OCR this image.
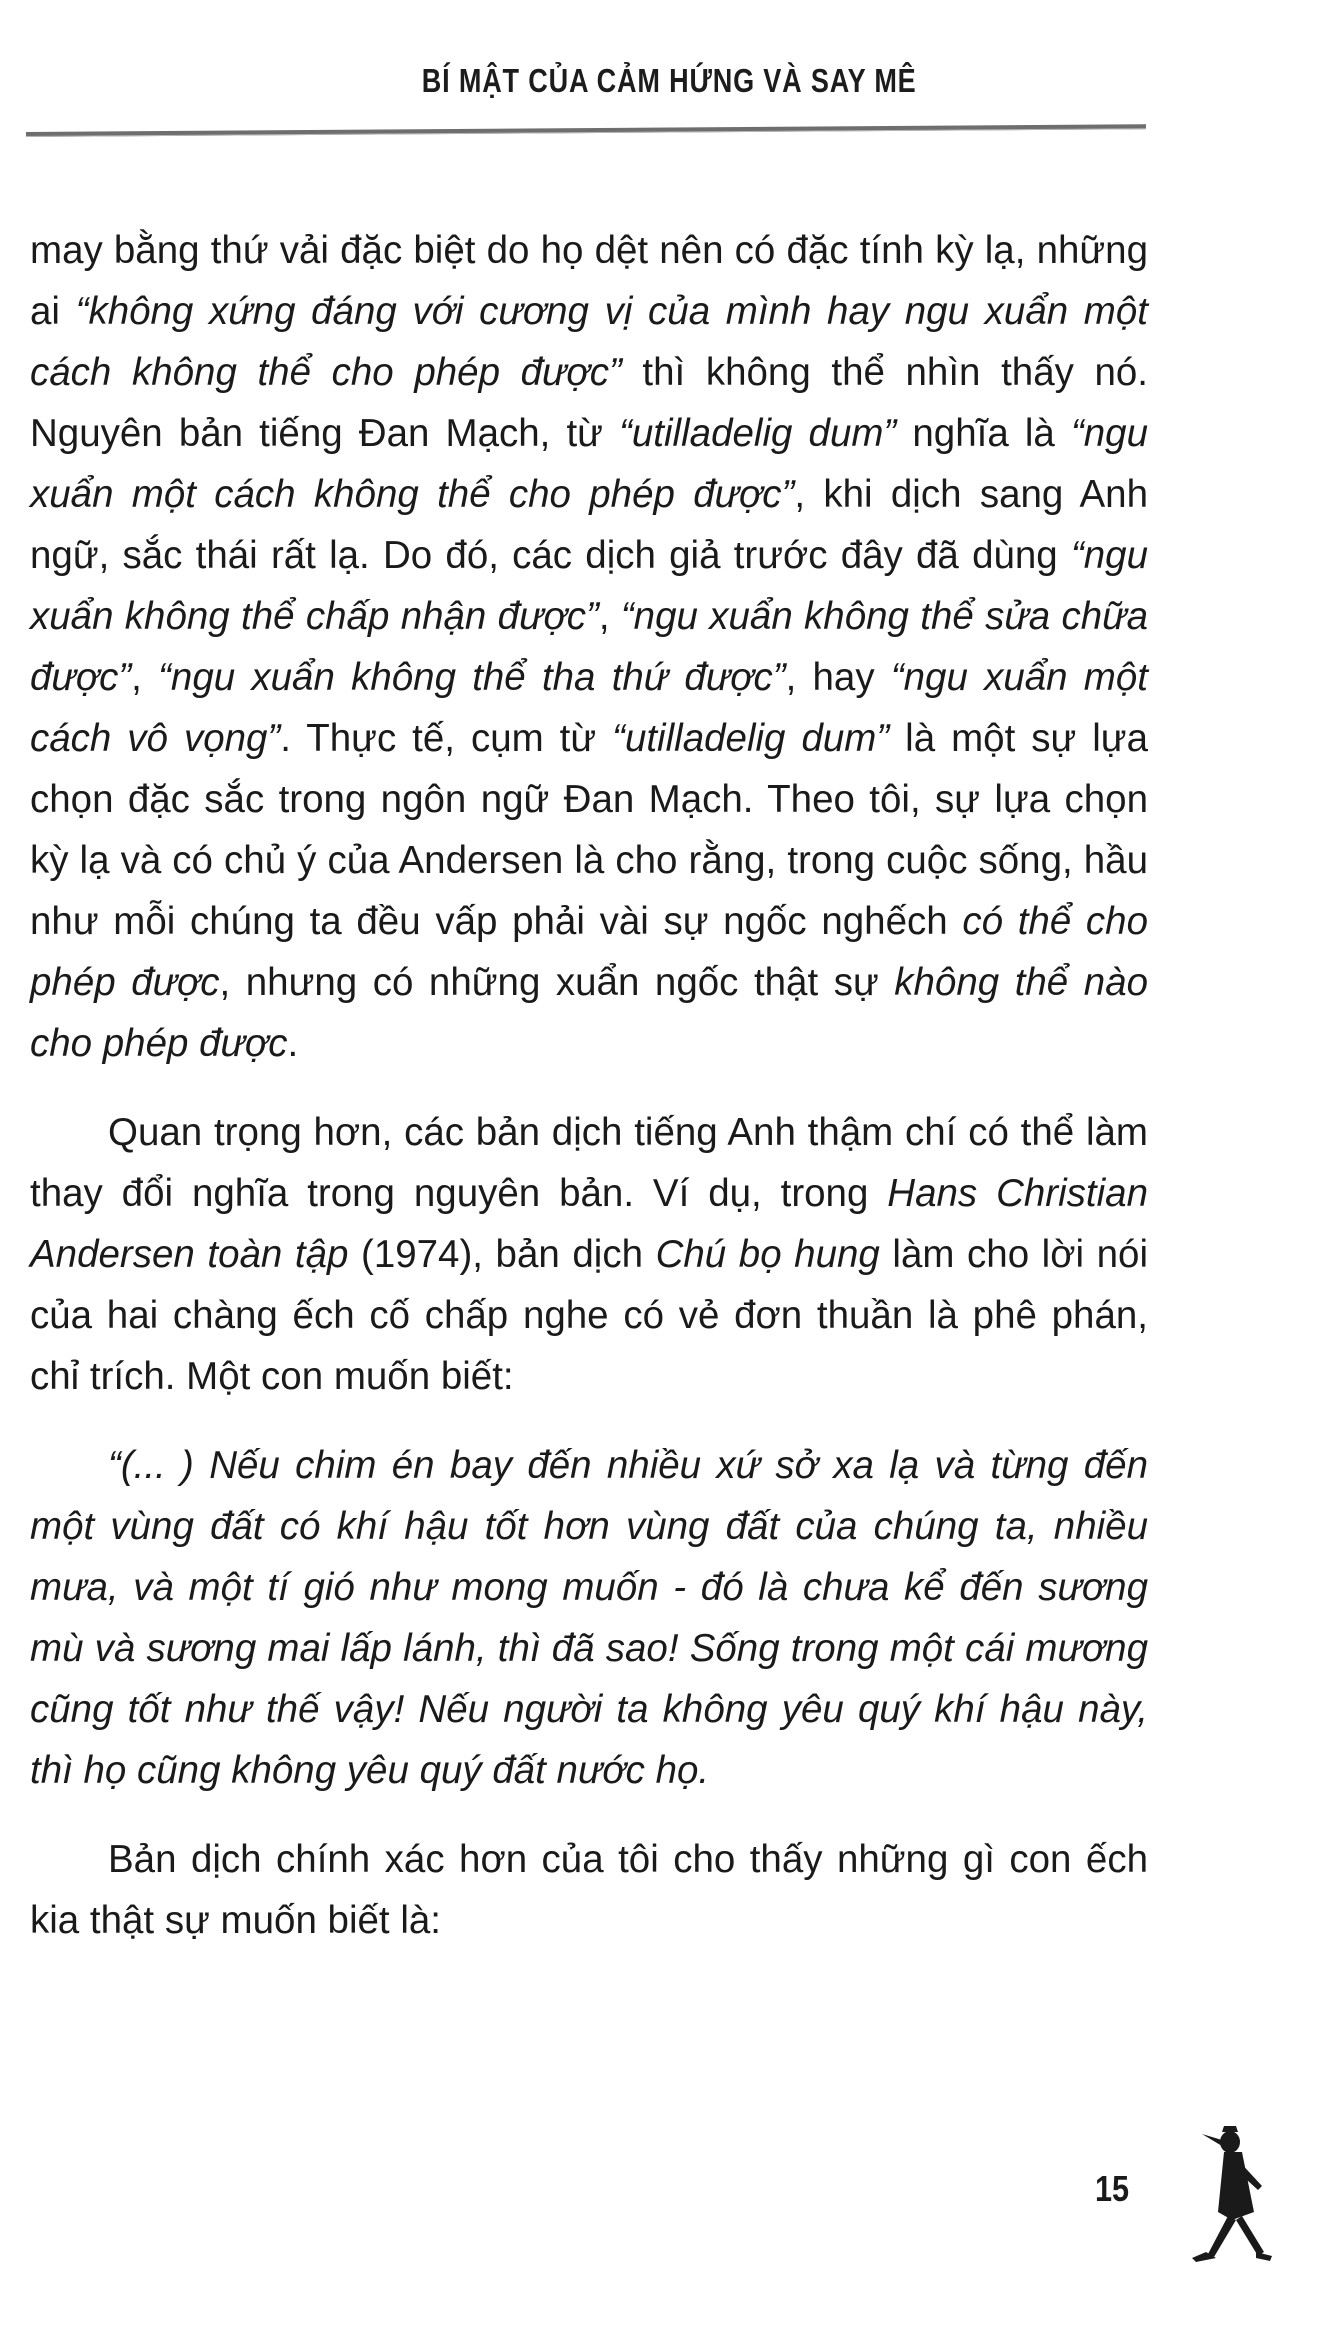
BÍ MẬT CỦA CẢM HỨNG VÀ SAY MÊ

may bằng thứ vải đặc biệt do họ dệt nên có đặc tính kỳ lạ, những ai “không xứng đáng với cương vị của mình hay ngu xuẩn một cách không thể cho phép được” thì không thể nhìn thấy nó. Nguyên bản tiếng Đan Mạch, từ “utilladelig dum” nghĩa là “ngu xuẩn một cách không thể cho phép được”, khi dịch sang Anh ngữ, sắc thái rất lạ. Do đó, các dịch giả trước đây đã dùng “ngu xuẩn không thể chấp nhận được”, “ngu xuẩn không thể sửa chữa được”, “ngu xuẩn không thể tha thứ được”, hay “ngu xuẩn một cách vô vọng”. Thực tế, cụm từ “utilladelig dum” là một sự lựa chọn đặc sắc trong ngôn ngữ Đan Mạch. Theo tôi, sự lựa chọn kỳ lạ và có chủ ý của Andersen là cho rằng, trong cuộc sống, hầu như mỗi chúng ta đều vấp phải vài sự ngốc nghếch có thể cho phép được, nhưng có những xuẩn ngốc thật sự không thể nào cho phép được.

Quan trọng hơn, các bản dịch tiếng Anh thậm chí có thể làm thay đổi nghĩa trong nguyên bản. Ví dụ, trong Hans Christian Andersen toàn tập (1974), bản dịch Chú bọ hung làm cho lời nói của hai chàng ếch cố chấp nghe có vẻ đơn thuần là phê phán, chỉ trích. Một con muốn biết:

“(... ) Nếu chim én bay đến nhiều xứ sở xa lạ và từng đến một vùng đất có khí hậu tốt hơn vùng đất của chúng ta, nhiều mưa, và một tí gió như mong muốn - đó là chưa kể đến sương mù và sương mai lấp lánh, thì đã sao! Sống trong một cái mương cũng tốt như thế vậy! Nếu người ta không yêu quý khí hậu này, thì họ cũng không yêu quý đất nước họ.

Bản dịch chính xác hơn của tôi cho thấy những gì con ếch kia thật sự muốn biết là:

15
